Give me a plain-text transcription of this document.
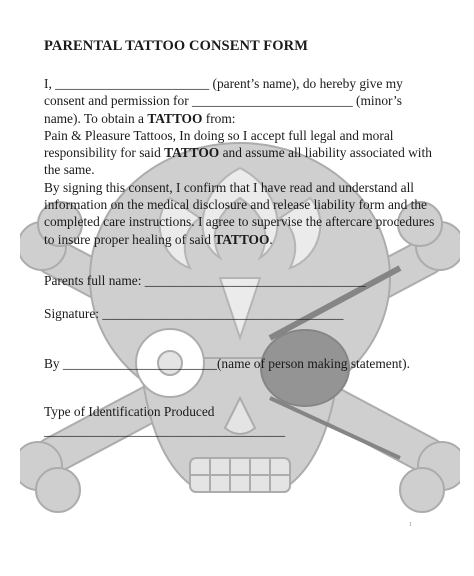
PARENTAL TATTOO CONSENT FORM

I, _______________________ (parent’s name), do hereby give my
consent and permission for ________________________ (minor’s
name). To obtain a TATTOO from:
Pain & Pleasure Tattoos, In doing so I accept full legal and moral
responsibility for said TATTOO and assume all liability associated with
the same.
By signing this consent, I confirm that I have read and understand all
information on the medical disclosure and release liability form and the
completed care instructions. I agree to supervise the aftercare procedures
to insure proper healing of said TATTOO.

Parents full name: _________________________________
Signature: ____________________________________
By _______________________(name of person making statement).
Type of Identification Produced
____________________________________
1
